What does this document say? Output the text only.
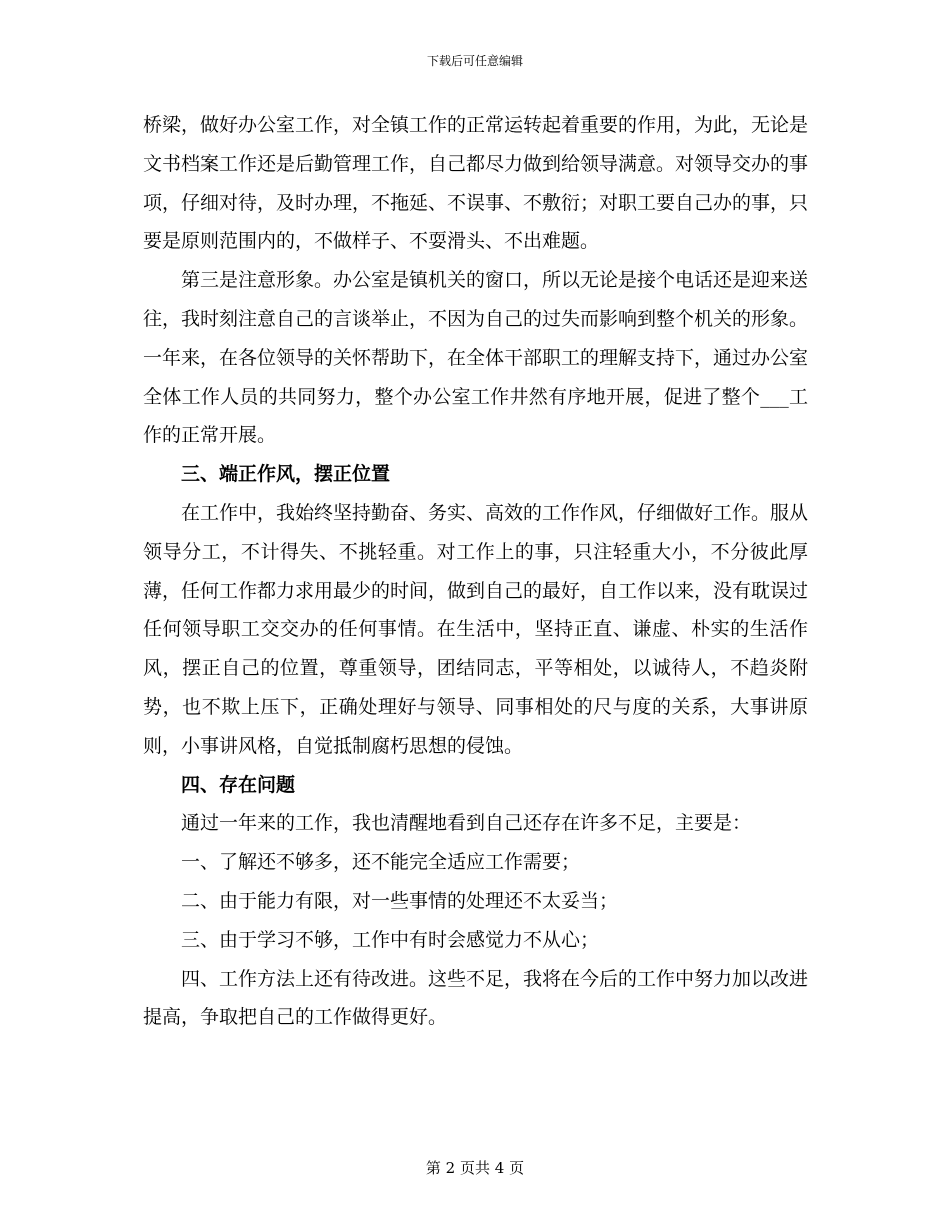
下载后可任意编辑

桥梁，做好办公室工作，对全镇工作的正常运转起着重要的作用，为此，无论是文书档案工作还是后勤管理工作，自己都尽力做到给领导满意。对领导交办的事项，仔细对待，及时办理，不拖延、不误事、不敷衍；对职工要自己办的事，只要是原则范围内的，不做样子、不耍滑头、不出难题。

第三是注意形象。办公室是镇机关的窗口，所以无论是接个电话还是迎来送往，我时刻注意自己的言谈举止，不因为自己的过失而影响到整个机关的形象。一年来，在各位领导的关怀帮助下，在全体干部职工的理解支持下，通过办公室全体工作人员的共同努力，整个办公室工作井然有序地开展，促进了整个___工作的正常开展。

三、端正作风，摆正位置

在工作中，我始终坚持勤奋、务实、高效的工作作风，仔细做好工作。服从领导分工，不计得失、不挑轻重。对工作上的事，只注轻重大小，不分彼此厚薄，任何工作都力求用最少的时间，做到自己的最好，自工作以来，没有耽误过任何领导职工交交办的任何事情。在生活中，坚持正直、谦虚、朴实的生活作风，摆正自己的位置，尊重领导，团结同志，平等相处，以诚待人，不趋炎附势，也不欺上压下，正确处理好与领导、同事相处的尺与度的关系，大事讲原则，小事讲风格，自觉抵制腐朽思想的侵蚀。

四、存在问题

通过一年来的工作，我也清醒地看到自己还存在许多不足，主要是：

一、了解还不够多，还不能完全适应工作需要；

二、由于能力有限，对一些事情的处理还不太妥当；

三、由于学习不够，工作中有时会感觉力不从心；

四、工作方法上还有待改进。这些不足，我将在今后的工作中努力加以改进提高，争取把自己的工作做得更好。

第 2 页共 4 页
